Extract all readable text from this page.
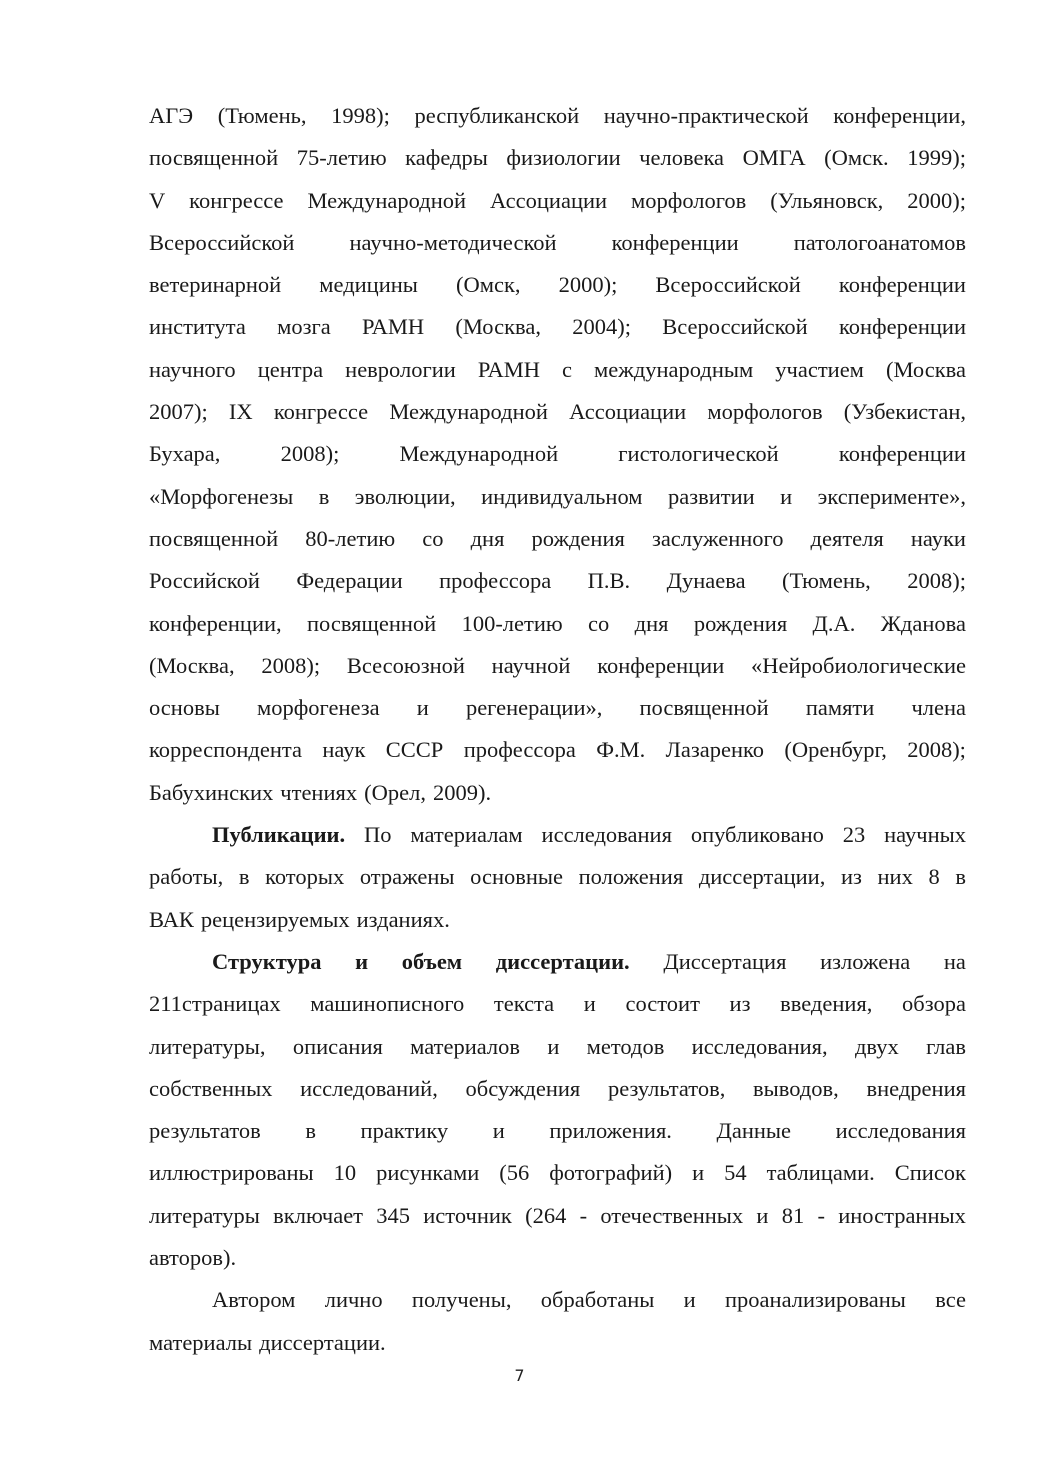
АГЭ (Тюмень, 1998); республиканской научно-практической конференции,
посвященной 75-летию кафедры физиологии человека ОМГА (Омск. 1999);
V конгрессе Международной Ассоциации морфологов (Ульяновск, 2000);
Всероссийской научно-методической конференции патологоанатомов
ветеринарной медицины (Омск, 2000); Всероссийской конференции
института мозга РАМН (Москва, 2004); Всероссийской конференции
научного центра неврологии РАМН с международным участием (Москва
2007); IX конгрессе Международной Ассоциации морфологов (Узбекистан,
Бухара,	2008);	Международной	гистологической	конференции
«Морфогенезы в эволюции, индивидуальном развитии и эксперименте»,
посвященной 80-летию со дня рождения заслуженного деятеля науки
Российской Федерации профессора П.В. Дунаева (Тюмень, 2008);
конференции, посвященной 100-летию со дня рождения Д.А. Жданова
(Москва, 2008); Всесоюзной научной конференции «Нейробиологические
основы морфогенеза и регенерации», посвященной памяти члена
корреспондента наук СССР профессора Ф.М. Лазаренко (Оренбург, 2008);
Бабухинских чтениях (Орел, 2009).
Публикации. По материалам исследования опубликовано 23 научных
работы, в которых отражены основные положения диссертации, из них 8 в
ВАК рецензируемых изданиях.
Структура и объем диссертации. Диссертация изложена на
211страницах машинописного текста и состоит из введения, обзора
литературы, описания материалов и методов исследования, двух глав
собственных исследований, обсуждения результатов, выводов, внедрения
результатов в практику и приложения. Данные исследования
иллюстрированы 10 рисунками (56 фотографий) и 54 таблицами. Список
литературы включает 345 источник (264 - отечественных и 81 - иностранных
авторов).
Автором лично получены, обработаны и проанализированы все
материалы диссертации.
7
